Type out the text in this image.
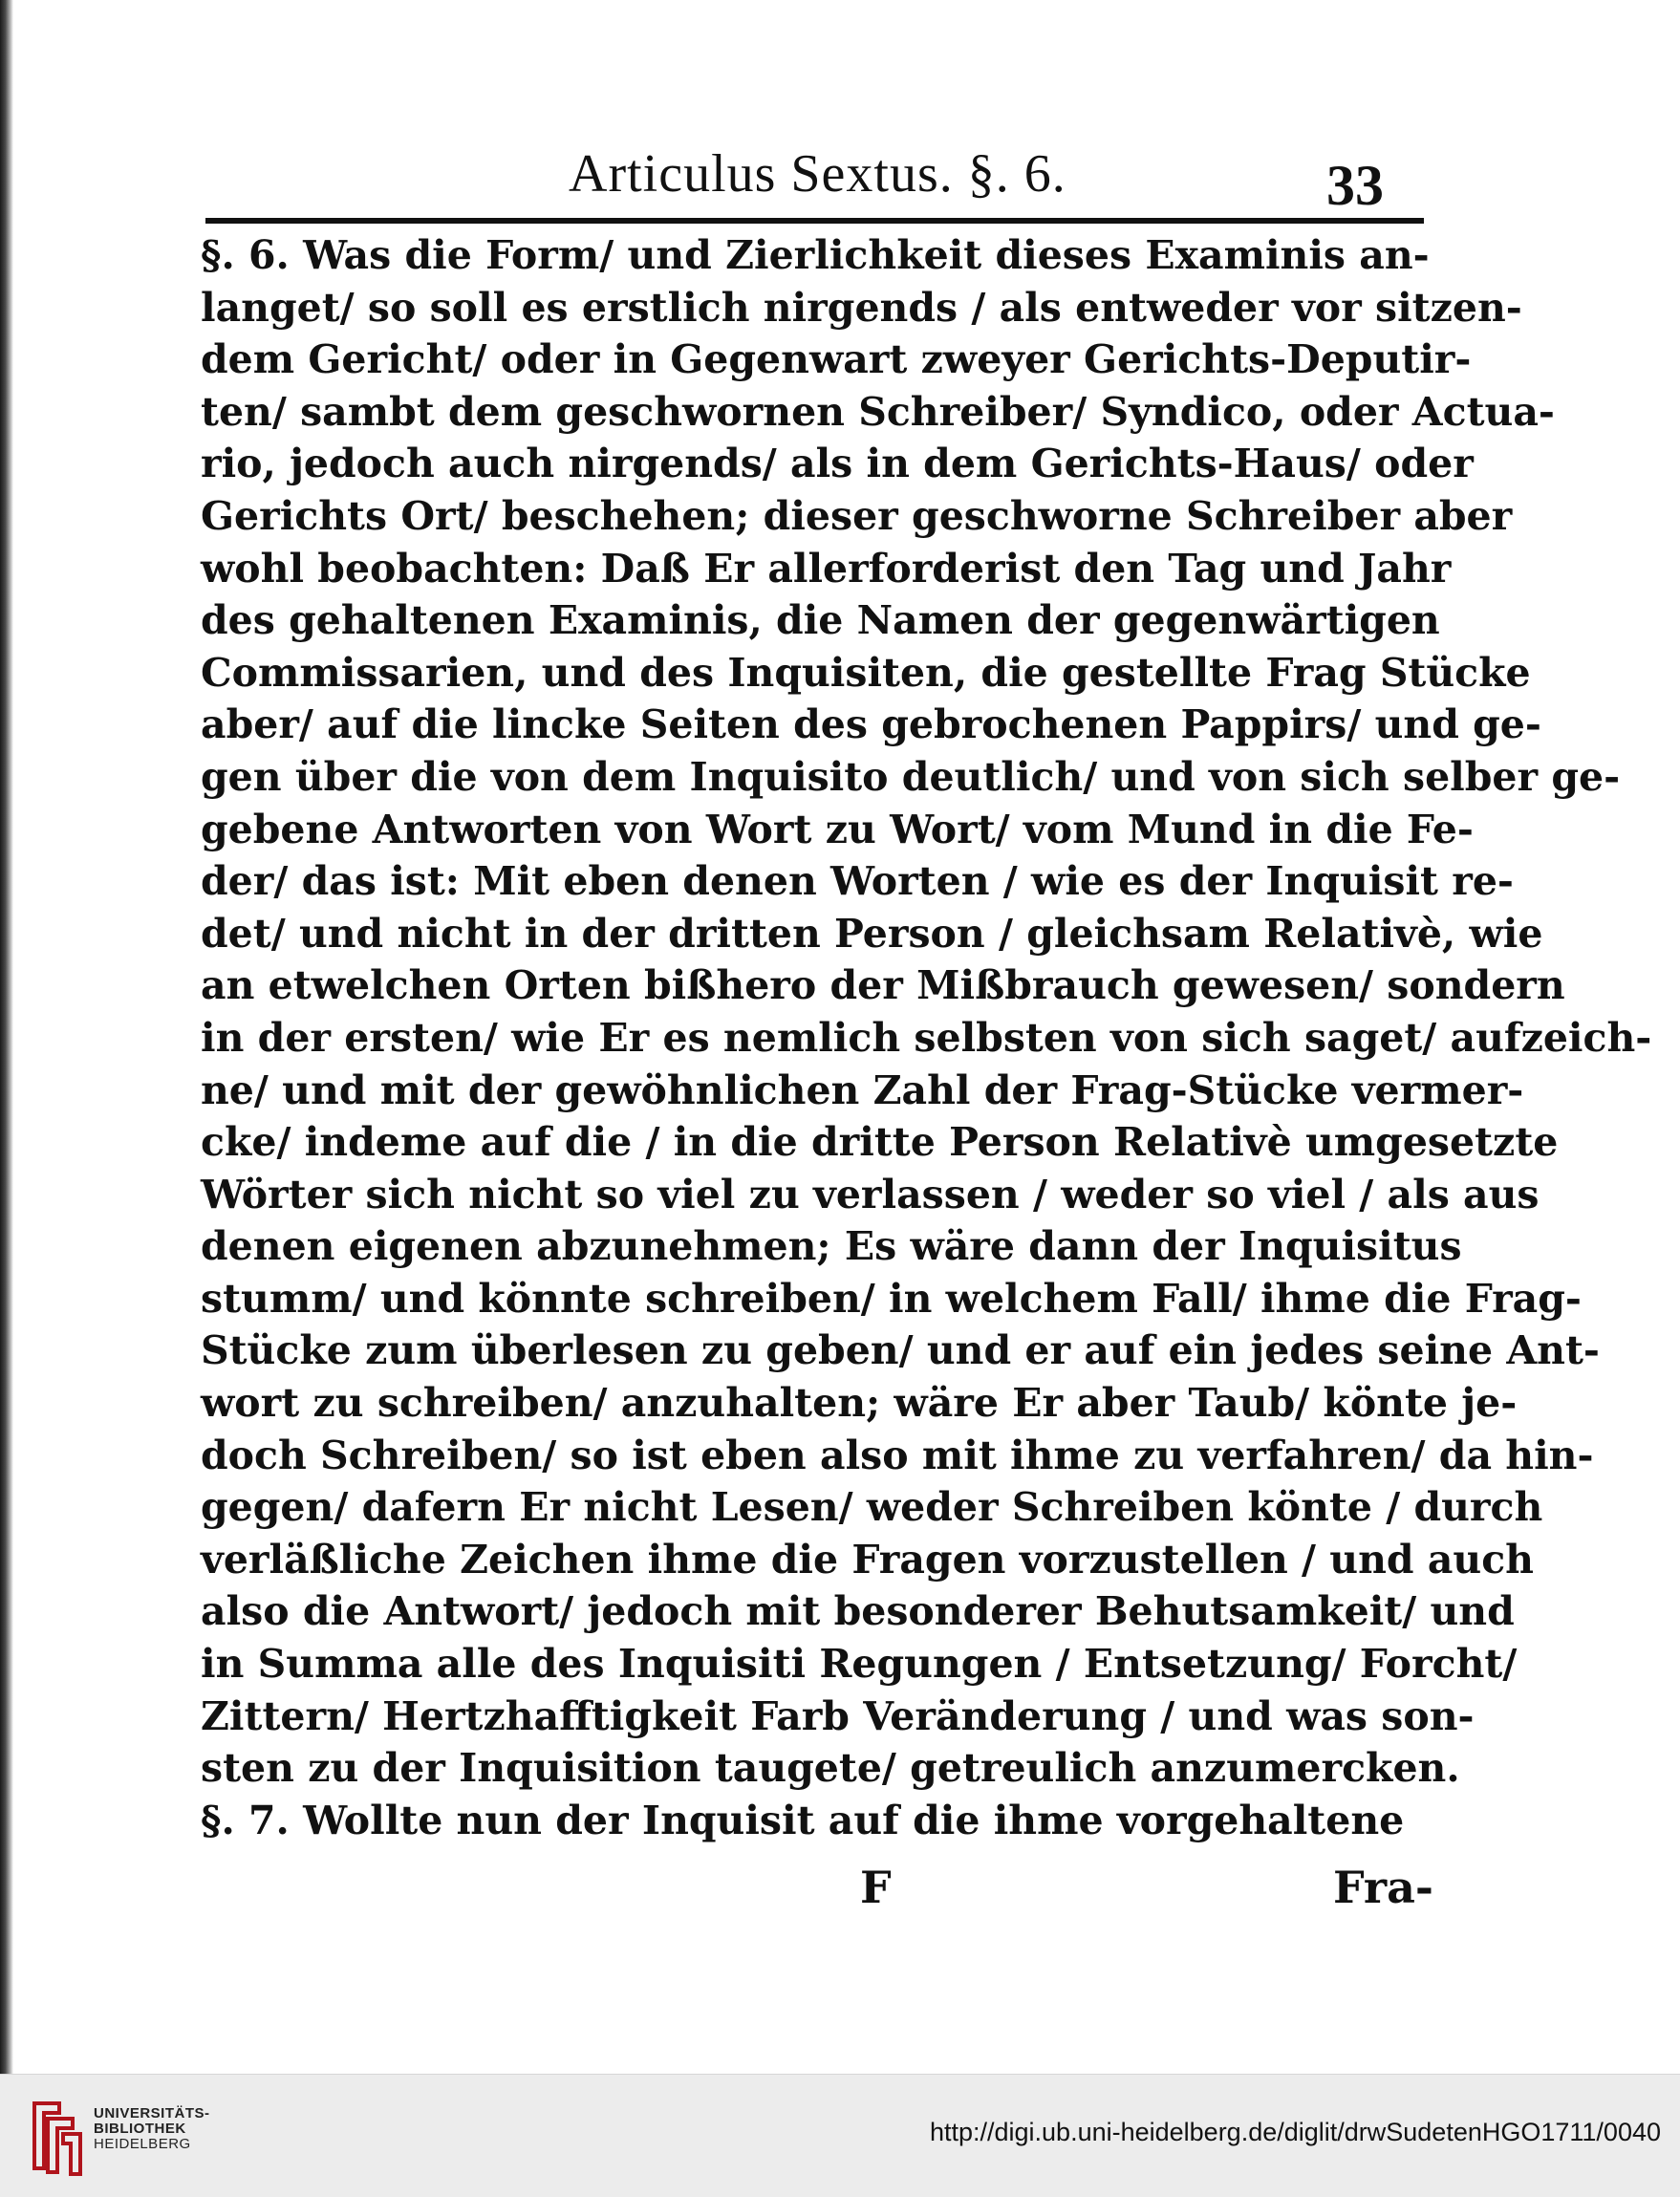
Articulus Sextus. §. 6.	33
§. 6. Was die Form/ und Zierlichkeit dieses Examinis an-
langet/ so soll es erstlich nirgends / als entweder vor sitzen-
dem Gericht/ oder in Gegenwart zweyer Gerichts-Deputir-
ten/ sambt dem geschwornen Schreiber/ Syndico, oder Actua-
rio, jedoch auch nirgends/ als in dem Gerichts-Haus/ oder
Gerichts Ort/ beschehen; dieser geschworne Schreiber aber
wohl beobachten: Daß Er allerforderist den Tag und Jahr
des gehaltenen Examinis, die Namen der gegenwärtigen
Commissarien, und des Inquisiten, die gestellte Frag Stücke
aber/ auf die lincke Seiten des gebrochenen Pappirs/ und ge-
gen über die von dem Inquisito deutlich/ und von sich selber ge-
gebene Antworten von Wort zu Wort/ vom Mund in die Fe-
der/ das ist: Mit eben denen Worten / wie es der Inquisit re-
det/ und nicht in der dritten Person / gleichsam Relativè, wie
an etwelchen Orten bißhero der Mißbrauch gewesen/ sondern
in der ersten/ wie Er es nemlich selbsten von sich saget/ aufzeich-
ne/ und mit der gewöhnlichen Zahl der Frag-Stücke vermer-
cke/ indeme auf die / in die dritte Person Relativè umgesetzte
Wörter sich nicht so viel zu verlassen / weder so viel / als aus
denen eigenen abzunehmen; Es wäre dann der Inquisitus
stumm/ und könnte schreiben/ in welchem Fall/ ihme die Frag-
Stücke zum überlesen zu geben/ und er auf ein jedes seine Ant-
wort zu schreiben/ anzuhalten; wäre Er aber Taub/ könte je-
doch Schreiben/ so ist eben also mit ihme zu verfahren/ da hin-
gegen/ dafern Er nicht Lesen/ weder Schreiben könte / durch
verläßliche Zeichen ihme die Fragen vorzustellen / und auch
also die Antwort/ jedoch mit besonderer Behutsamkeit/ und
in Summa alle des Inquisiti Regungen / Entsetzung/ Forcht/
Zittern/ Hertzhafftigkeit Farb Veränderung / und was son-
sten zu der Inquisition taugete/ getreulich anzumercken.
§. 7. Wollte nun der Inquisit auf die ihme vorgehaltene
F	Fra-
UNIVERSITÄTS-
BIBLIOTHEK
HEIDELBERG	http://digi.ub.uni-heidelberg.de/diglit/drwSudetenHGO1711/0040
